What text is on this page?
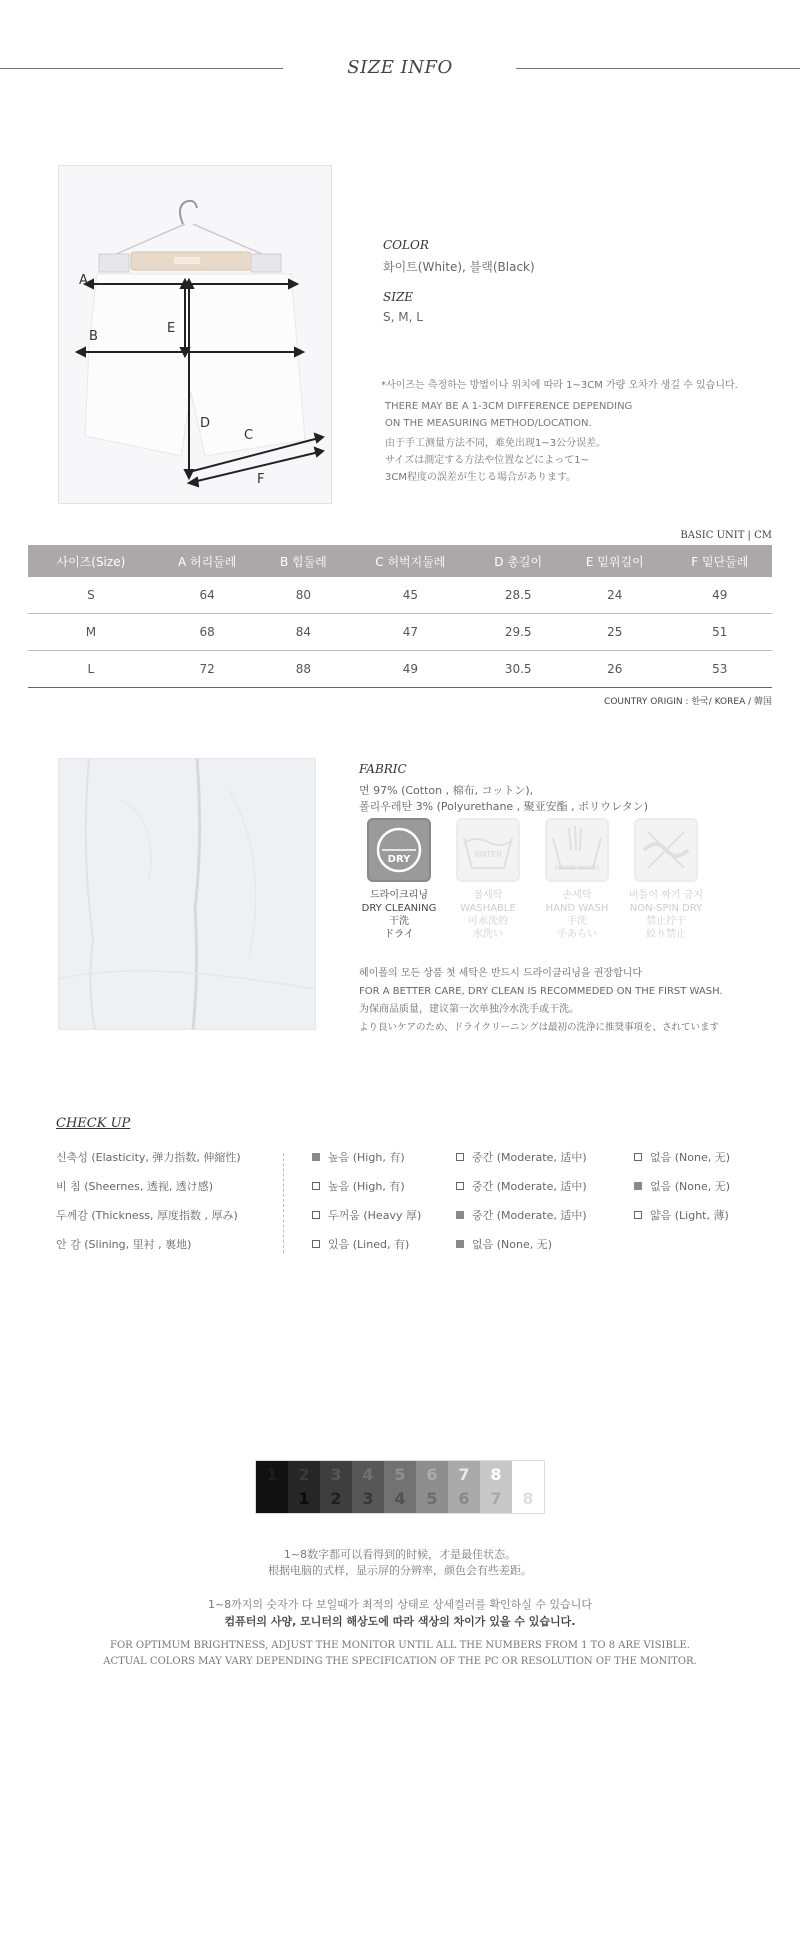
SIZE INFO
A
B
C
D
E
F
COLOR
화이트(White), 블랙(Black)
SIZE
S, M, L
*사이즈는 측정하는 방법이나 위치에 따라 1~3CM 가량 오차가 생길 수 있습니다.
THERE MAY BE A 1-3CM DIFFERENCE DEPENDING
ON THE MEASURING METHOD/LOCATION.
由于手工测量方法不同，难免出现1~3公分误差。
サイズは測定する方法や位置などによって1~
3CM程度の誤差が生じる場合があります。
BASIC UNIT | CM
사이즈(Size)	A 허리둘레	B 힙둘레	C 허벅지둘레	D 총길이	E 밑위길이	F 밑단둘레
S	64	80	45	28.5	24	49
M	68	84	47	29.5	25	51
L	72	88	49	30.5	26	53
COUNTRY ORIGIN : 한국/ KOREA / 韓国
FABRIC
면 97% (Cotton , 棉布, コットン),
폴리우레탄 3% (Polyurethane , 聚亚安酯 , ポリウレタン)
DRY	WATER
HAND WASH
드라이크리닝
DRY CLEANING
干洗
ドライ
물세탁
WASHABLE
可水洗的
水洗い
손세탁
HAND WASH
手洗
手あらい
비틀어 짜기 금지
NON-SPIN DRY
禁止拧干
絞り禁止
헤이폴의 모든 상품 첫 세탁은 반드시 드라이클리닝을 권장합니다
FOR A BETTER CARE, DRY CLEAN IS RECOMMEDED ON THE FIRST WASH.
为保商品质量，建议第一次单独冷水洗手或干洗。
より良いケアのため、ドライクリーニングは最初の洗浄に推奨事項を、されています
CHECK UP
신축성 (Elasticity, 弹力指数, 伸縮性)	높음 (High, 有)	중간 (Moderate, 适中)	없음 (None, 无)
비 침 (Sheernes, 透视, 透け感)	높음 (High, 有)	중간 (Moderate, 适中)	없음 (None, 无)
두께감 (Thickness, 厚度指数 , 厚み)	두꺼움 (Heavy 厚)	중간 (Moderate, 适中)	얇음 (Light, 薄)
안 감 (Slining, 里衬 , 裏地)	있음 (Lined, 有)	없음 (None, 无)
1	2
1
3
2
4
3
5
4
6
5
7
6
8
7	8
1~8数字都可以看得到的时候，才是最佳状态。
根据电脑的式样，显示屏的分辨率，颜色会有些差距。
1~8까지의 숫자가 다 보일때가 최적의 상태로 상세컬러를 확인하실 수 있습니다
컴퓨터의 사양, 모니터의 해상도에 따라 색상의 차이가 있을 수 있습니다.
FOR OPTIMUM BRIGHTNESS, ADJUST THE MONITOR UNTIL ALL THE NUMBERS FROM 1 TO 8 ARE VISIBLE.
ACTUAL COLORS MAY VARY DEPENDING THE SPECIFICATION OF THE PC OR RESOLUTION OF THE MONITOR.
